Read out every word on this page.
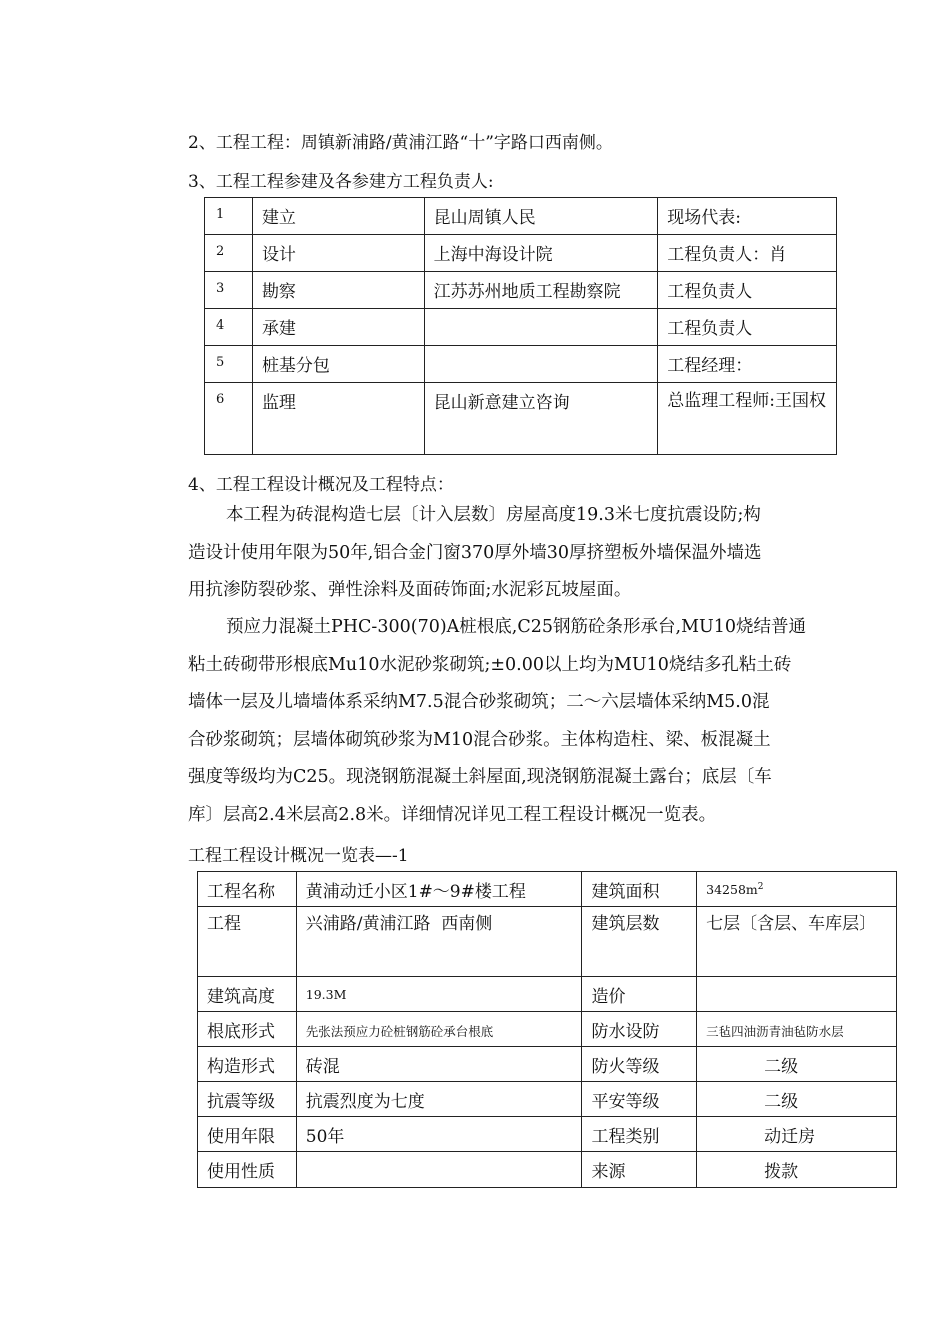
2、工程工程：周镇新浦路/黄浦江路“十”字路口西南侧。
3、工程工程参建及各参建方工程负责人:
1	建立	昆山周镇人民	现场代表:
2	设计	上海中海设计院	工程负责人：肖
3	勘察	江苏苏州地质工程勘察院	工程负责人
4	承建		工程负责人
5	桩基分包		工程经理：
6	监理	昆山新意建立咨询	总监理工程师:王国权
4、工程工程设计概况及工程特点：
本工程为砖混构造七层〔计入层数〕房屋高度19.3米七度抗震设防;构
造设计使用年限为50年,铝合金门窗370厚外墙30厚挤塑板外墙保温外墙选
用抗渗防裂砂浆、弹性涂料及面砖饰面;水泥彩瓦坡屋面。
预应力混凝土PHC-300(70)A桩根底,C25钢筋砼条形承台,MU10烧结普通
粘土砖砌带形根底Mu10水泥砂浆砌筑;±0.00以上均为MU10烧结多孔粘土砖
墙体一层及儿墙墙体系采纳M7.5混合砂浆砌筑；二～六层墙体采纳M5.0混
合砂浆砌筑；层墙体砌筑砂浆为M10混合砂浆。主体构造柱、梁、板混凝土
强度等级均为C25。现浇钢筋混凝土斜屋面,现浇钢筋混凝土露台；底层〔车
库〕层高2.4米层高2.8米。详细情况详见工程工程设计概况一览表。
工程工程设计概况一览表—-1
工程名称	黄浦动迁小区1#～9#楼工程	建筑面积	$34258m^2$
工程	兴浦路/黄浦江路  西南侧	建筑层数	七层〔含层、车库层〕
建筑高度	19.3M	造价	
根底形式	先张法预应力砼桩钢筋砼承台根底	防水设防	三毡四油沥青油毡防水层
构造形式	砖混	防火等级	二级
抗震等级	抗震烈度为七度	平安等级	二级
使用年限	50年	工程类别	动迁房
使用性质		来源	拨款
